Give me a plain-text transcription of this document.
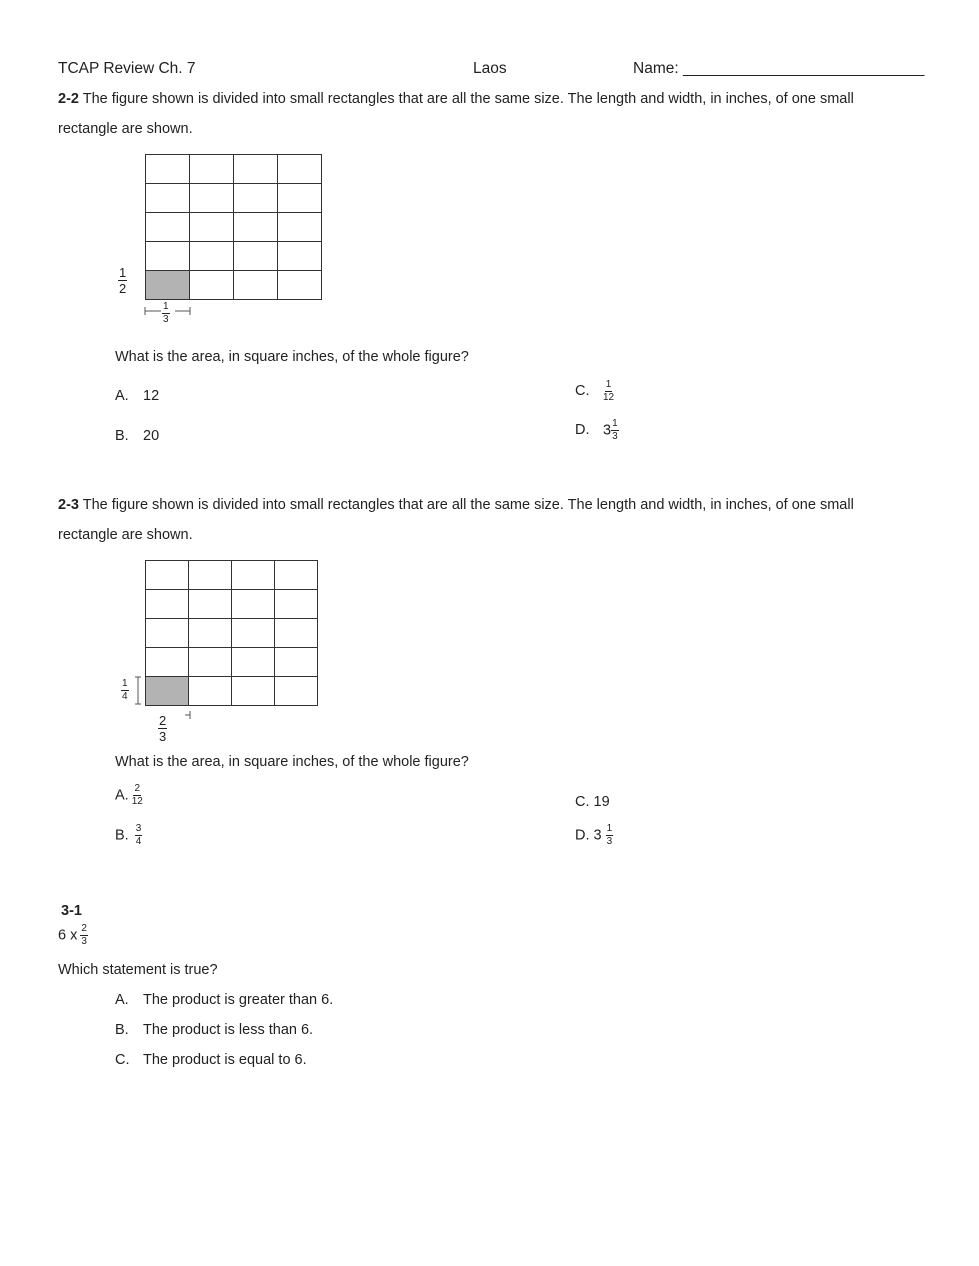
TCAP Review Ch. 7	Laos	Name: ____________________________
2-2 The figure shown is divided into small rectangles that are all the same size. The length and width, in inches, of one small
rectangle are shown.
$\frac{1}{2}$
$\frac{1}{3}$
What is the area, in square inches, of the whole figure?
A. 12
B. 20
C. $\frac{1}{12}$
D. $3 \frac{1}{3}$
2-3 The figure shown is divided into small rectangles that are all the same size. The length and width, in inches, of one small
rectangle are shown.
$\frac{1}{4}$
$\frac{2}{3}$
What is the area, in square inches, of the whole figure?
A. $\frac{2}{12}$
B. $\frac{3}{4}$
C. 19
D. $3 \frac{1}{3}$
3-1
6 x $\frac{2}{3}$
Which statement is true?
A. The product is greater than 6.
B. The product is less than 6.
C. The product is equal to 6.
